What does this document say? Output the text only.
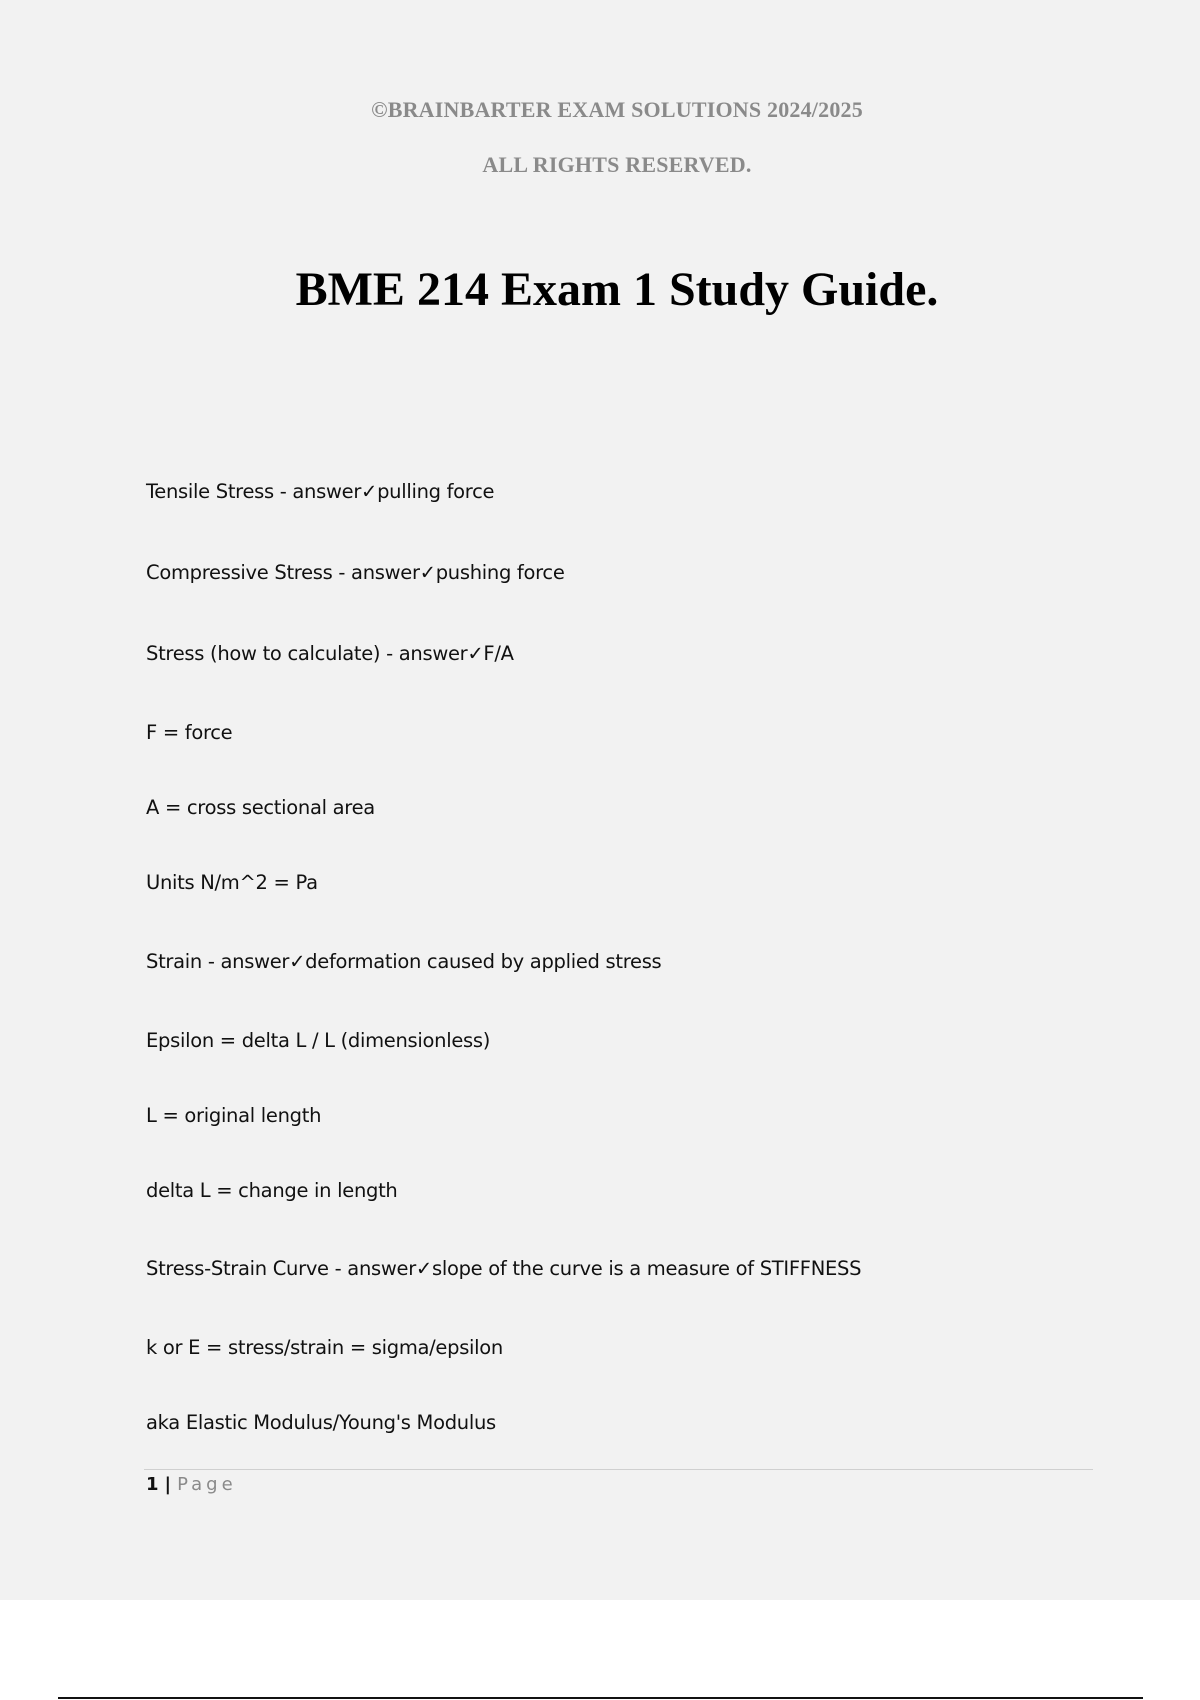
©BRAINBARTER EXAM SOLUTIONS 2024/2025
ALL RIGHTS RESERVED.
BME 214 Exam 1 Study Guide.
Tensile Stress - answer✓pulling force
Compressive Stress - answer✓pushing force
Stress (how to calculate) - answer✓F/A
F = force
A = cross sectional area
Units N/m^2 = Pa
Strain - answer✓deformation caused by applied stress
Epsilon = delta L / L (dimensionless)
L = original length
delta L = change in length
Stress-Strain Curve - answer✓slope of the curve is a measure of STIFFNESS
k or E = stress/strain = sigma/epsilon
aka Elastic Modulus/Young's Modulus
1 | Page
